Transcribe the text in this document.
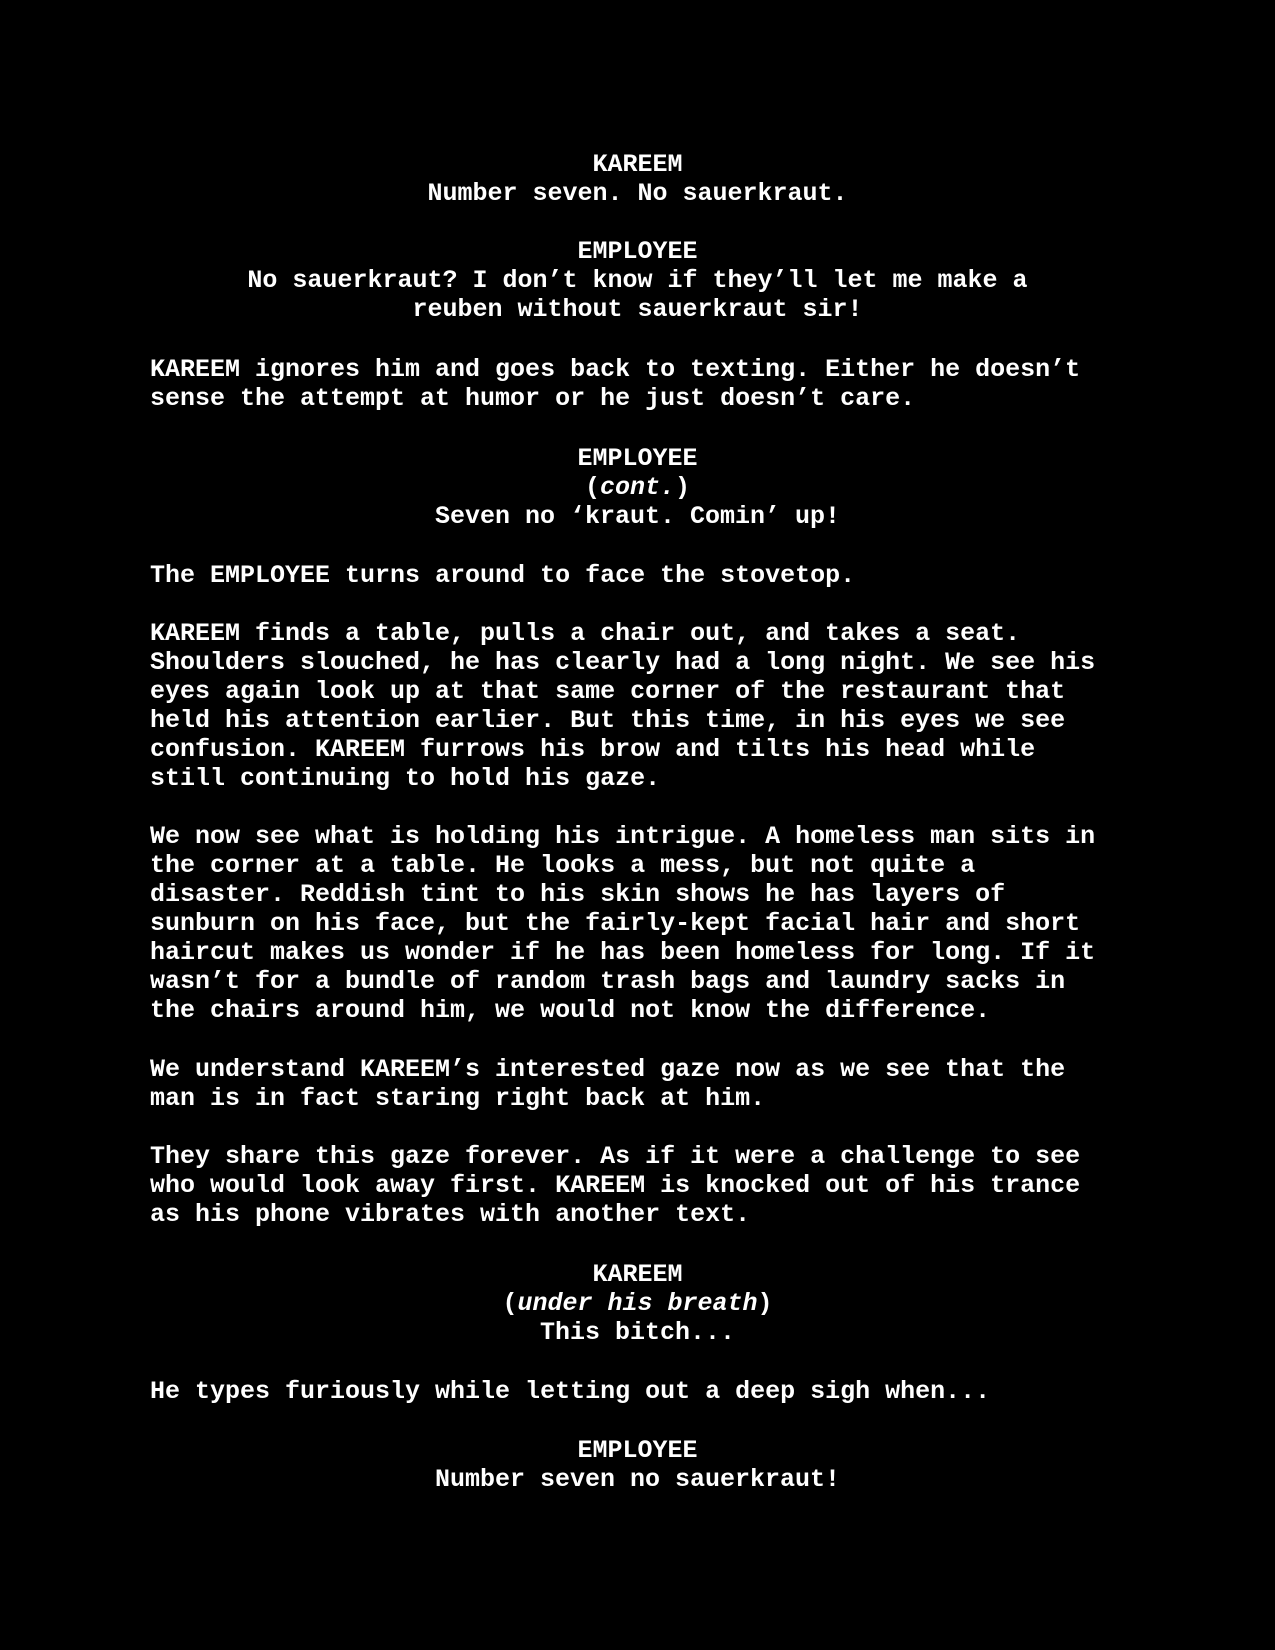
KAREEM
Number seven. No sauerkraut.
EMPLOYEE
No sauerkraut? I don’t know if they’ll let me make a
reuben without sauerkraut sir!
KAREEM ignores him and goes back to texting. Either he doesn’t
sense the attempt at humor or he just doesn’t care.
EMPLOYEE
(cont.)
Seven no ‘kraut. Comin’ up!
The EMPLOYEE turns around to face the stovetop.
KAREEM finds a table, pulls a chair out, and takes a seat.
Shoulders slouched, he has clearly had a long night. We see his
eyes again look up at that same corner of the restaurant that
held his attention earlier. But this time, in his eyes we see
confusion. KAREEM furrows his brow and tilts his head while
still continuing to hold his gaze.
We now see what is holding his intrigue. A homeless man sits in
the corner at a table. He looks a mess, but not quite a
disaster. Reddish tint to his skin shows he has layers of
sunburn on his face, but the fairly-kept facial hair and short
haircut makes us wonder if he has been homeless for long. If it
wasn’t for a bundle of random trash bags and laundry sacks in
the chairs around him, we would not know the difference.
We understand KAREEM’s interested gaze now as we see that the
man is in fact staring right back at him.
They share this gaze forever. As if it were a challenge to see
who would look away first. KAREEM is knocked out of his trance
as his phone vibrates with another text.
KAREEM
(under his breath)
This bitch...
He types furiously while letting out a deep sigh when...
EMPLOYEE
Number seven no sauerkraut!
